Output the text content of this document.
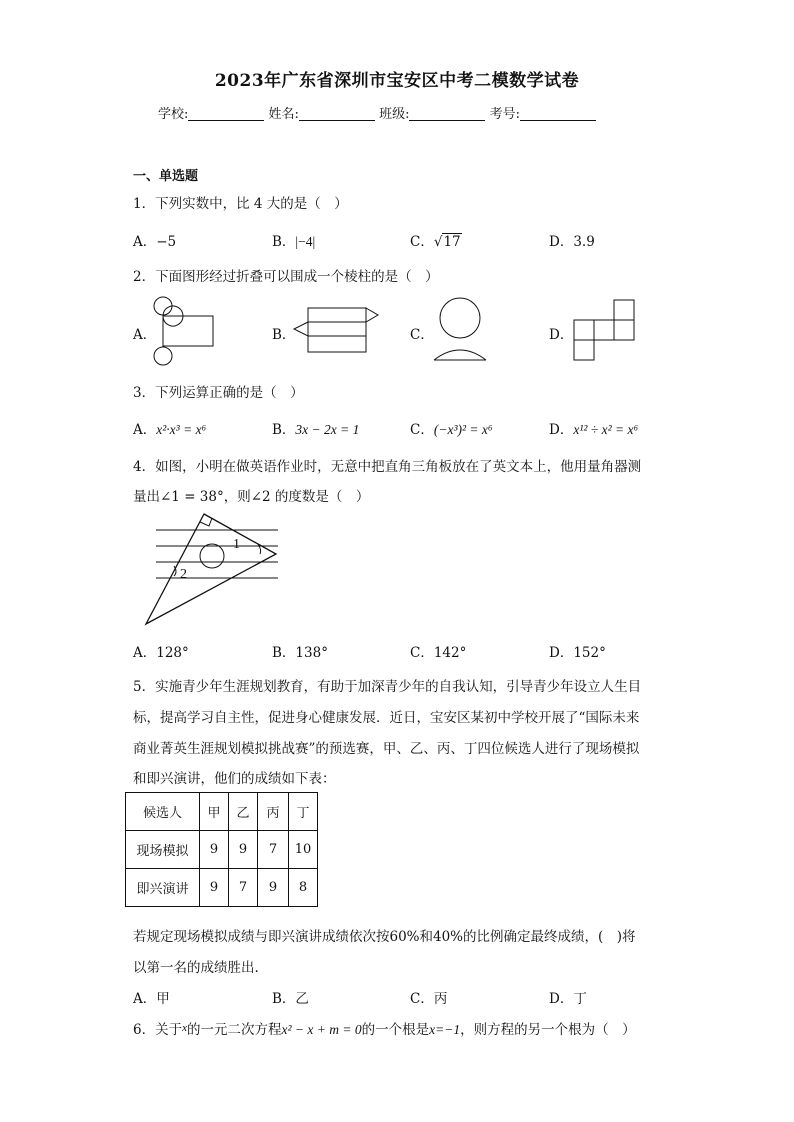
2023年广东省深圳市宝安区中考二模数学试卷
学校:	姓名:	班级:	考号:
一、单选题
1．下列实数中，比 4 大的是（　）
A．−5	B．|−4|	C．√17	D．3.9
2．下面图形经过折叠可以围成一个棱柱的是（　）
A．	B．	C．	D．
3．下列运算正确的是（　）
A．x²·x³ = x⁶	B．3x − 2x = 1	C．(−x³)² = x⁶	D．x¹² ÷ x² = x⁶
4．如图，小明在做英语作业时，无意中把直角三角板放在了英文本上，他用量角器测
量出∠1 = 38°，则∠2 的度数是（　）
1
2
A．128°	B．138°	C．142°	D．152°
5．实施青少年生涯规划教育，有助于加深青少年的自我认知，引导青少年设立人生目
标，提高学习自主性，促进身心健康发展．近日，宝安区某初中学校开展了“国际未来
商业菁英生涯规划模拟挑战赛”的预选赛，甲、乙、丙、丁四位候选人进行了现场模拟
和即兴演讲，他们的成绩如下表：
候选人	甲	乙	丙	丁
现场模拟	9	9	7	10
即兴演讲	9	7	9	8
若规定现场模拟成绩与即兴演讲成绩依次按60%和40%的比例确定最终成绩，(　)将
以第一名的成绩胜出.
A．甲	B．乙	C．丙	D．丁
6．关于$^x$的一元二次方程x² − x + m = 0的一个根是x=−1，则方程的另一个根为（　）
